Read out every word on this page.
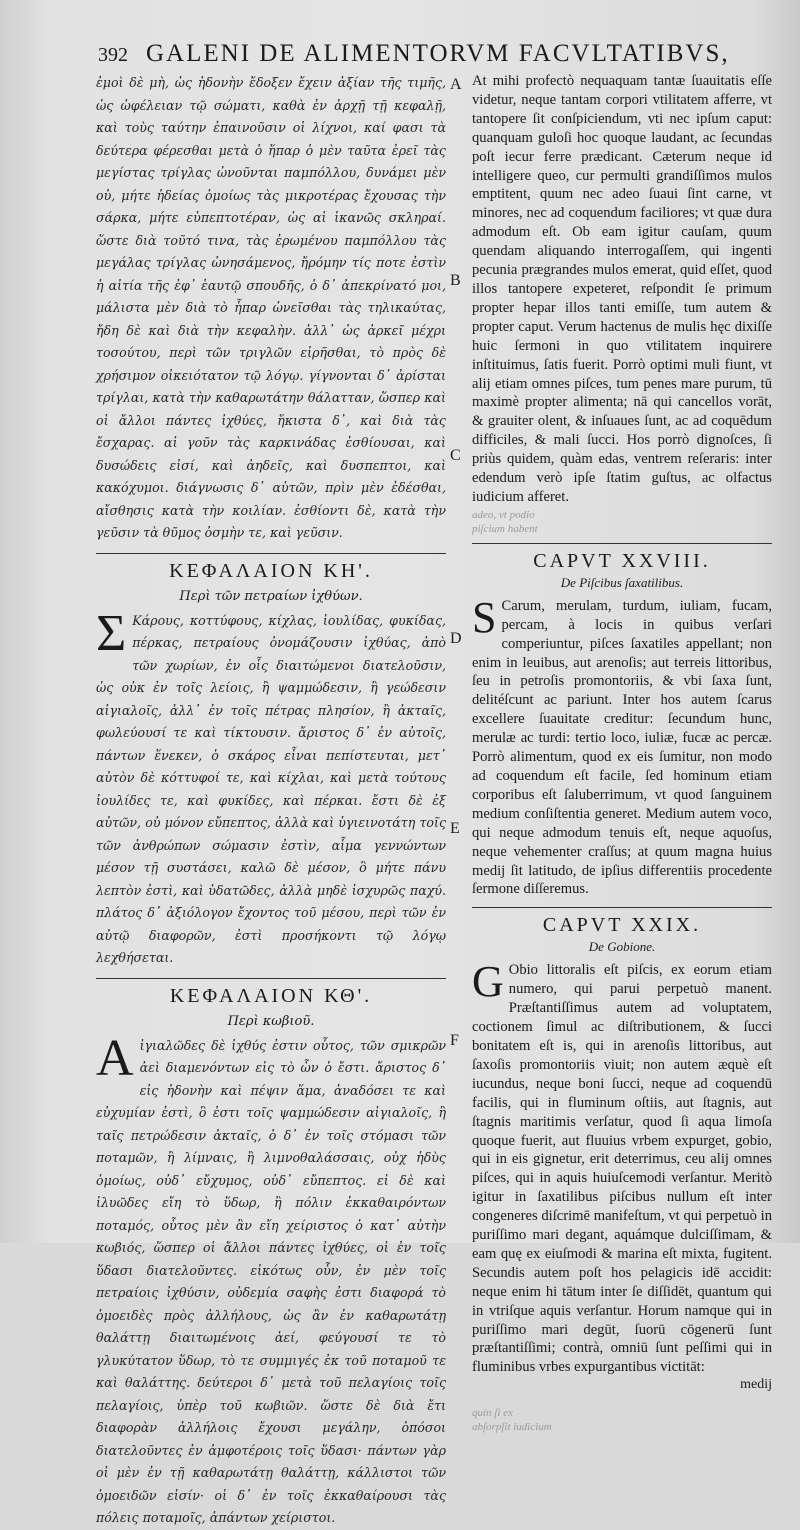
392 GALENI DE ALIMENTORVM FACVLTATIBVS,

ἐμοὶ δὲ μὴ, ὡς ἡδονὴν ἔδοξεν ἔχειν ἀξίαν τῆς τιμῆς, ὡς ὠφέλειαν τῷ σώματι, καθὰ ἐν ἀρχῇ τῇ κεφαλῇ, καὶ τοὺς ταύτην ἐπαινοῦσιν οἱ λίχνοι, καί φασι τὰ δεύτερα φέρεσθαι μετὰ ὁ ἥπαρ ὁ μὲν ταῦτα ἐρεῖ τὰς μεγίστας τρίγλας ὠνοῦνται παμπόλλου, δυνάμει μὲν οὐ, μήτε ἡδείας ὁμοίως τὰς μικροτέρας ἔχουσας τὴν σάρκα, μήτε εὐπεπτοτέραν, ὡς αἱ ἱκανῶς σκληραί. ὥστε διὰ τοῦτό τινα, τὰς ἐρωμένου παμπόλλου τὰς μεγάλας τρίγλας ὠνησάμενος, ἤρόμην τίς ποτε ἐστὶν ἡ αἰτία τῆς ἐφ᾽ ἑαυτῷ σπουδῆς, ὁ δ᾽ ἀπεκρίνατό μοι, μάλιστα μὲν διὰ τὸ ἧπαρ ὠνεῖσθαι τὰς τηλικαύτας, ἤδη δὲ καὶ διὰ τὴν κεφαλὴν. ἀλλ᾽ ὡς ἀρκεῖ μέχρι τοσούτου, περὶ τῶν τριγλῶν εἰρῆσθαι, τὸ πρὸς δὲ χρήσιμον οἰκειότατον τῷ λόγῳ. γίγνονται δ᾽ ἀρίσται τρίγλαι, κατὰ τὴν καθαρωτάτην θάλατταν, ὥσπερ καὶ οἱ ἄλλοι πάντες ἰχθύες, ἥκιστα δ᾽, καὶ διὰ τὰς ἔσχαρας. αἱ γοῦν τὰς καρκινάδας ἐσθίουσαι, καὶ δυσώδεις εἰσί, καὶ ἀηδεῖς, καὶ δυσπεπτοι, καὶ κακόχυμοι. διάγνωσις δ᾽ αὐτῶν, πρὶν μὲν ἐδέσθαι, αἴσθησις κατὰ τὴν κοιλίαν. ἐσθίοντι δὲ, κατὰ τὴν γεῦσιν τὰ θῦμος ὀσμὴν τε, καὶ γεῦσιν.

ΚΕΦΑΛΑΙΟΝ ΚΗ'.

Περὶ τῶν πετραίων ἰχθύων.

Σ Κάρους, κοττύφους, κίχλας, ἰουλίδας, φυκίδας, πέρκας, πετραίους ὀνομάζουσιν ἰχθύας, ἀπὸ τῶν χωρίων, ἐν οἷς διαιτώμενοι διατελοῦσιν, ὡς οὐκ ἐν τοῖς λείοις, ἢ ψαμμώδεσιν, ἢ γεώδεσιν αἰγιαλοῖς, ἀλλ᾽ ἐν τοῖς πέτρας πλησίον, ἢ ἀκταῖς, φωλεύουσί τε καὶ τίκτουσιν. ἄριστος δ᾽ ἐν αὐτοῖς, πάντων ἕνεκεν, ὁ σκάρος εἶναι πεπίστευται, μετ᾽ αὐτὸν δὲ κόττυφοί τε, καὶ κίχλαι, καὶ μετὰ τούτους ἰουλίδες τε, καὶ φυκίδες, καὶ πέρκαι. ἔστι δὲ ἐξ αὐτῶν, οὐ μόνον εὔπεπτος, ἀλλὰ καὶ ὑγιεινοτάτη τοῖς τῶν ἀνθρώπων σώμασιν ἐστὶν, αἷμα γεννώντων μέσον τῇ συστάσει, καλῶ δὲ μέσον, ὃ μήτε πάνυ λεπτὸν ἐστὶ, καὶ ὑδατῶδες, ἀλλὰ μηδὲ ἰσχυρῶς παχύ. πλάτος δ᾽ ἀξιόλογον ἔχοντος τοῦ μέσου, περὶ τῶν ἐν αὐτῷ διαφορῶν, ἐστὶ προσήκοντι τῷ λόγῳ λεχθήσεται.

ΚΕΦΑΛΑΙΟΝ ΚΘ'.

Περὶ κωβιοῦ.

Α ἰγιαλῶδες δὲ ἰχθύς ἐστιν οὗτος, τῶν σμικρῶν ἀεὶ διαμενόντων εἰς τὸ ὧν ὁ ἔστι. ἄριστος δ᾽ εἰς ἡδονὴν καὶ πέψιν ἅμα, ἀναδόσει τε καὶ εὐχυμίαν ἐστὶ, ὃ ἐστι τοῖς ψαμμώδεσιν αἰγιαλοῖς, ἢ ταῖς πετρώδεσιν ἀκταῖς, ὁ δ᾽ ἐν τοῖς στόμασι τῶν ποταμῶν, ἢ λίμναις, ἢ λιμνοθαλάσσαις, οὐχ ἡδὺς ὁμοίως, οὐδ᾽ εὔχυμος, οὐδ᾽ εὔπεπτος. εἰ δὲ καὶ ἰλυῶδες εἴη τὸ ὕδωρ, ἢ πόλιν ἐκκαθαιρόντων ποταμός, οὗτος μὲν ἂν εἴη χείριστος ὁ κατ᾽ αὐτὴν κωβιός, ὥσπερ οἱ ἄλλοι πάντες ἰχθύες, οἱ ἐν τοῖς ὕδασι διατελοῦντες. εἰκότως οὖν, ἐν μὲν τοῖς πετραίοις ἰχθύσιν, οὐδεμία σαφὴς ἐστι διαφορά τὸ ὁμοειδὲς πρὸς ἀλλήλους, ὡς ἂν ἐν καθαρωτάτῃ θαλάττῃ διαιτωμένοις ἀεί, φεύγουσί τε τὸ γλυκύτατον ὕδωρ, τὸ τε συμμιγές ἐκ τοῦ ποταμοῦ τε καὶ θαλάττης. δεύτεροι δ᾽ μετὰ τοῦ πελαγίοις τοῖς πελαγίοις, ὑπὲρ τοῦ κωβιῶν. ὥστε δὲ διὰ ἔτι διαφορὰν ἀλλήλοις ἔχουσι μεγάλην, ὁπόσοι διατελοῦντες ἐν ἀμφοτέροις τοῖς ὕδασι· πάντων γὰρ οἱ μὲν ἐν τῇ καθαρωτάτῃ θαλάττῃ, κάλλιστοι τῶν ὁμοειδῶν εἰσίν· οἱ δ᾽ ἐν τοῖς ἐκκαθαίρουσι τὰς πόλεις ποταμοῖς, ἁπάντων χείριστοι.

A
B
C
D
E
F

At mihi profectò nequaquam tantæ ſuauitatis eſſe videtur, neque tantam corpori vtilitatem afferre, vt tantopere ſit conſpiciendum, vti nec ipſum caput: quanquam guloſi hoc quoque laudant, ac ſecundas poſt iecur ferre prædicant. Cæterum neque id intelligere queo, cur permulti grandiſſimos mulos emptitent, quum nec adeo ſuaui ſint carne, vt minores, nec ad coquendum faciliores; vt quæ dura admodum eſt. Ob eam igitur cauſam, quum quendam aliquando interrogaſſem, qui ingenti pecunia prægrandes mulos emerat, quid eſſet, quod illos tantopere expeteret, reſpondit ſe primum propter hepar illos tanti emiſſe, tum autem & propter caput. Verum hactenus de mulis hęc dixiſſe huic ſermoni in quo vtilitatem inquirere inſtituimus, ſatis fuerit. Porrò optimi muli fiunt, vt alij etiam omnes piſces, tum penes mare purum, tū maximè propter alimenta; nā qui cancellos vorāt, & grauiter olent, & inſuaues ſunt, ac ad coquēdum difficiles, & mali ſucci. Hos porrò dignoſces, ſi priùs quidem, quàm edas, ventrem reſeraris: inter edendum verò ipſe ſtatim guſtus, ac olfactus iudicium afferet.

adeo, vt podio

piſcium habent

CAPVT XXVIII.

De Piſcibus ſaxatilibus.

S Carum, merulam, turdum, iuliam, fucam, percam, à locis in quibus verſari comperiuntur, piſces ſaxatiles appellant; non enim in leuibus, aut arenoſis; aut terreis littoribus, ſeu in petroſis promontoriis, & vbi ſaxa ſunt, delitéſcunt ac pariunt. Inter hos autem ſcarus excellere ſuauitate creditur: ſecundum hunc, merulæ ac turdi: tertio loco, iuliæ, fucæ ac percæ. Porrò alimentum, quod ex eis ſumitur, non modo ad coquendum eſt facile, ſed hominum etiam corporibus eſt ſaluberrimum, vt quod ſanguinem medium conſiſtentia generet. Medium autem voco, qui neque admodum tenuis eſt, neque aquoſus, neque vehementer craſſus; at quum magna huius medij ſit latitudo, de ipſius differentiis procedente ſermone diſſeremus.

CAPVT XXIX.

De Gobione.

G Obio littoralis eſt piſcis, ex eorum etiam numero, qui parui perpetuò manent. Præſtantiſſimus autem ad voluptatem, coctionem ſimul ac diſtributionem, & ſucci bonitatem eſt is, qui in arenoſis littoribus, aut ſaxoſis promontoriis viuit; non autem æquè eſt iucundus, neque boni ſucci, neque ad coquendū facilis, qui in fluminum oſtiis, aut ſtagnis, aut ſtagnis maritimis verſatur, quod ſi aqua limoſa quoque fuerit, aut fluuius vrbem expurget, gobio, qui in eis gignetur, erit deterrimus, ceu alij omnes piſces, qui in aquis huiuſcemodi verſantur. Meritò igitur in ſaxatilibus piſcibus nullum eſt inter congeneres diſcrimē manifeſtum, vt qui perpetuò in puriſſimo mari degant, aquámque dulciſſimam, & eam quę ex eiuſmodi & marina eſt mixta, fugitent. Secundis autem poſt hos pelagicis idē accidit: neque enim hi tātum inter ſe diſſidēt, quantum qui in vtriſque aquis verſantur. Horum namque qui in puriſſimo mari degūt, ſuorū cōgenerū ſunt præſtantiſſimi; contrà, omniū ſunt peſſimi qui in fluminibus vrbes expurgantibus victitāt:

medij

quin ſi ex

abſorpſit iudicium
